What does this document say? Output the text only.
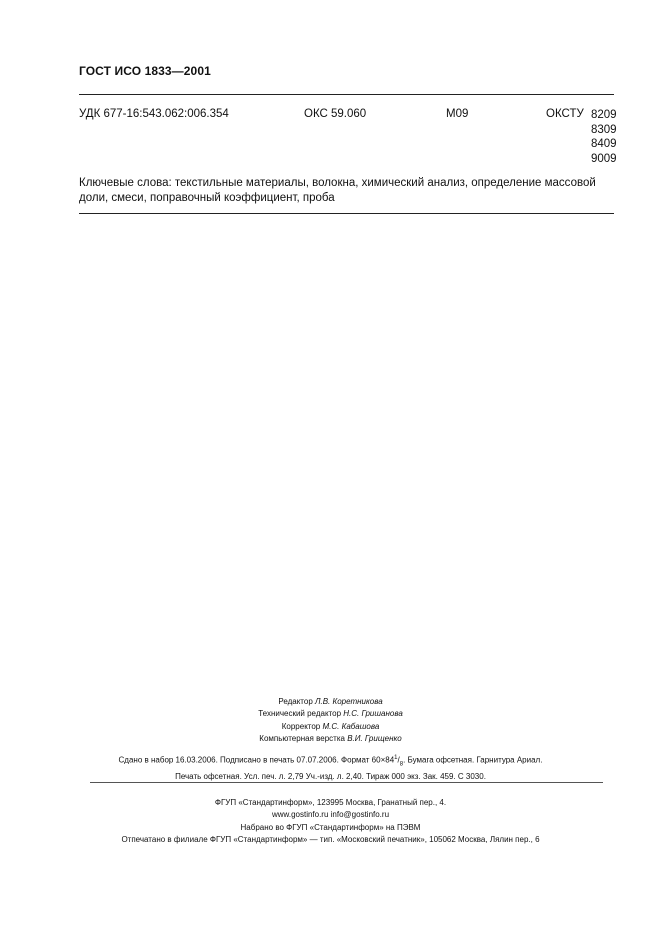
ГОСТ ИСО 1833—2001
УДК 677-16:543.062:006.354	ОКС 59.060	М09	ОКСТУ 8209
8309
8409
9009
Ключевые слова: текстильные материалы, волокна, химический анализ, определение массовой доли, смеси, поправочный коэффициент, проба
Редактор Л.В. Коретникова
Технический редактор Н.С. Гришанова
Корректор М.С. Кабашова
Компьютерная верстка В.И. Грищенко
Сдано в набор 16.03.2006. Подписано в печать 07.07.2006. Формат $60\times 84^1/_8$. Бумага офсетная. Гарнитура Ариал.
Печать офсетная. Усл. печ. л. 2,79 Уч.-изд. л. 2,40. Тираж 000 экз. Зак. 459. С 3030.
ФГУП «Стандартинформ», 123995 Москва, Гранатный пер., 4.
www.gostinfo.ru info@gostinfo.ru
Набрано во ФГУП «Стандартинформ» на ПЭВМ
Отпечатано в филиале ФГУП «Стандартинформ» — тип. «Московский печатник», 105062 Москва, Лялин пер., 6
